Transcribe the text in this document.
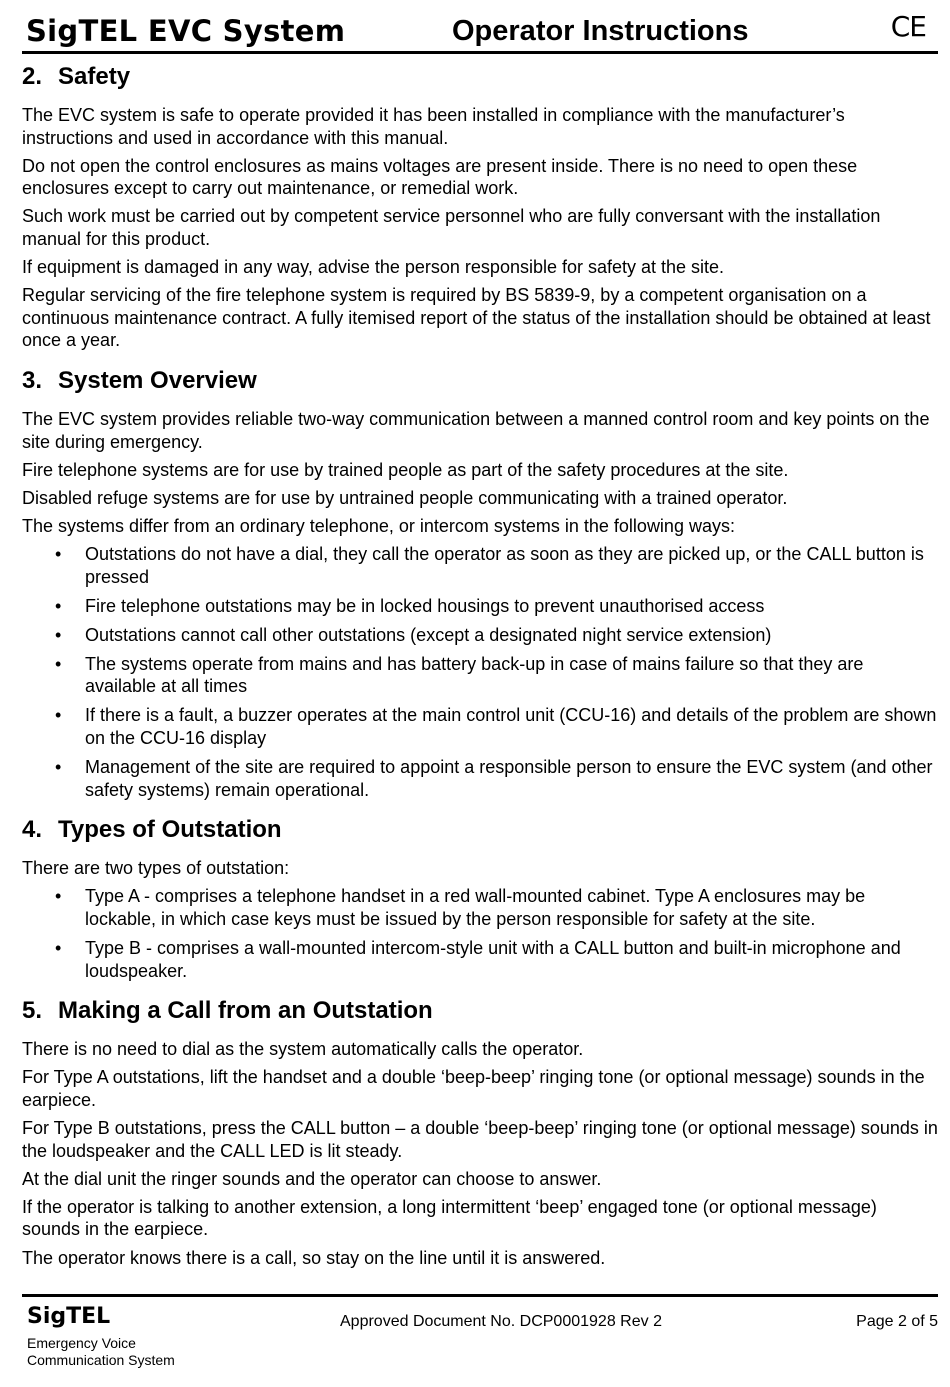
SigTEL EVC System	Operator Instructions	CE
2. Safety

The EVC system is safe to operate provided it has been installed in compliance with the manufacturer’s instructions and used in accordance with this manual.

Do not open the control enclosures as mains voltages are present inside. There is no need to open these enclosures except to carry out maintenance, or remedial work.

Such work must be carried out by competent service personnel who are fully conversant with the installation manual for this product.

If equipment is damaged in any way, advise the person responsible for safety at the site.

Regular servicing of the fire telephone system is required by BS 5839-9, by a competent organisation on a continuous maintenance contract. A fully itemised report of the status of the installation should be obtained at least once a year.

3. System Overview

The EVC system provides reliable two-way communication between a manned control room and key points on the site during emergency.

Fire telephone systems are for use by trained people as part of the safety procedures at the site.

Disabled refuge systems are for use by untrained people communicating with a trained operator.

The systems differ from an ordinary telephone, or intercom systems in the following ways:

• Outstations do not have a dial, they call the operator as soon as they are picked up, or the CALL button is pressed
• Fire telephone outstations may be in locked housings to prevent unauthorised access
• Outstations cannot call other outstations (except a designated night service extension)
• The systems operate from mains and has battery back-up in case of mains failure so that they are available at all times
• If there is a fault, a buzzer operates at the main control unit (CCU-16) and details of the problem are shown on the CCU-16 display
• Management of the site are required to appoint a responsible person to ensure the EVC system (and other safety systems) remain operational.
4. Types of Outstation

There are two types of outstation:

• Type A - comprises a telephone handset in a red wall-mounted cabinet. Type A enclosures may be lockable, in which case keys must be issued by the person responsible for safety at the site.
• Type B - comprises a wall-mounted intercom-style unit with a CALL button and built-in microphone and loudspeaker.
5. Making a Call from an Outstation

There is no need to dial as the system automatically calls the operator.

For Type A outstations, lift the handset and a double ‘beep-beep’ ringing tone (or optional message) sounds in the earpiece.

For Type B outstations, press the CALL button – a double ‘beep-beep’ ringing tone (or optional message) sounds in the loudspeaker and the CALL LED is lit steady.

At the dial unit the ringer sounds and the operator can choose to answer.

If the operator is talking to another extension, a long intermittent ‘beep’ engaged tone (or optional message) sounds in the earpiece.

The operator knows there is a call, so stay on the line until it is answered.

SigTEL
Emergency Voice
Communication System
Approved Document No. DCP0001928 Rev 2	Page 2 of 5
